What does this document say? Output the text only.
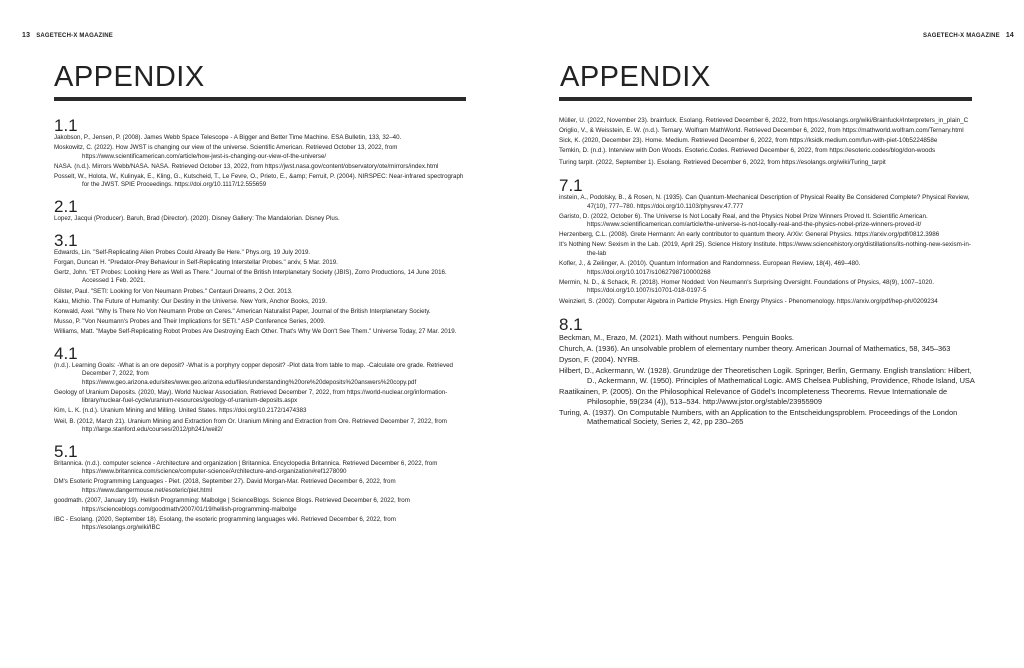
13 SAGETECH-X MAGAZINE
APPENDIX
1.1

Jakobson, P., Jensen, P. (2008). James Webb Space Telescope - A Bigger and Better Time Machine. ESA Bulletin, 133, 32–40.

Moskowitz, C. (2022). How JWST is changing our view of the universe. Scientific American. Retrieved October 13, 2022, from https://www.scientificamerican.com/article/how-jwst-is-changing-our-view-of-the-universe/

NASA. (n.d.). Mirrors Webb/NASA. NASA. Retrieved October 13, 2022, from https://jwst.nasa.gov/content/observatory/ote/mirrors/index.html

Posselt, W., Holota, W., Kulinyak, E., Kling, G., Kutscheid, T., Le Fevre, O., Prieto, E., &amp; Ferruit, P. (2004). NIRSPEC: Near-infrared spectrograph for the JWST. SPIE Proceedings. https://doi.org/10.1117/12.555659

2.1

Lopez, Jacqui (Producer). Baruh, Brad (Director). (2020). Disney Gallery: The Mandalorian. Disney Plus.

3.1

Edwards, Lin. "Self-Replicating Alien Probes Could Already Be Here." Phys.org, 19 July 2019.

Forgan, Duncan H. "Predator-Prey Behaviour in Self-Replicating Interstellar Probes." arxiv, 5 Mar. 2019.

Gertz, John. "ET Probes: Looking Here as Well as There." Journal of the British Interplanetary Society (JBIS), Zorro Productions, 14 June 2016. Accessed 1 Feb. 2021.

Gilster, Paul. "SETI: Looking for Von Neumann Probes." Centauri Dreams, 2 Oct. 2013.

Kaku, Michio. The Future of Humanity: Our Destiny in the Universe. New York, Anchor Books, 2019.

Konwald, Axel. "Why Is There No Von Neumann Probe on Ceres." American Naturalist Paper, Journal of the British Interplanetary Society.

Musso, P. "Von Neumann's Probes and Their Implications for SETI." ASP Conference Series, 2009.

Williams, Matt. "Maybe Self-Replicating Robot Probes Are Destroying Each Other. That's Why We Don't See Them." Universe Today, 27 Mar. 2019.

4.1

(n.d.). Learning Goals: -What is an ore deposit? -What is a porphyry copper deposit? -Plot data from table to map. -Calculate ore grade. Retrieved December 7, 2022, from https://www.geo.arizona.edu/sites/www.geo.arizona.edu/files/understanding%20ore%20deposits%20answers%20copy.pdf

Geology of Uranium Deposits. (2020, May). World Nuclear Association. Retrieved December 7, 2022, from https://world-nuclear.org/information-library/nuclear-fuel-cycle/uranium-resources/geology-of-uranium-deposits.aspx

Kim, L. K. (n.d.). Uranium Mining and Milling. United States. https://doi.org/10.2172/1474383

Weil, B. (2012, March 21). Uranium Mining and Extraction from Or. Uranium Mining and Extraction from Ore. Retrieved December 7, 2022, from http://large.stanford.edu/courses/2012/ph241/weil2/

5.1

Britannica. (n.d.). computer science - Architecture and organization | Britannica. Encyclopedia Britannica. Retrieved December 6, 2022, from https://www.britannica.com/science/computer-science/Architecture-and-organization#ref1278090

DM's Esoteric Programming Languages - Piet. (2018, September 27). David Morgan-Mar. Retrieved December 6, 2022, from https://www.dangermouse.net/esoteric/piet.html

goodmath. (2007, January 19). Hellish Programming: Malbolge | ScienceBlogs. Science Blogs. Retrieved December 6, 2022, from https://scienceblogs.com/goodmath/2007/01/19/hellish-programming-malbolge

IBC - Esolang. (2020, September 18). Esolang, the esoteric programming languages wiki. Retrieved December 6, 2022, from https://esolangs.org/wiki/IBC

SAGETECH-X MAGAZINE 14
APPENDIX

Müller, U. (2022, November 23). brainfuck. Esolang. Retrieved December 6, 2022, from https://esolangs.org/wiki/Brainfuck#Interpreters_in_plain_C

Origlio, V., & Weisstein, E. W. (n.d.). Ternary. Wolfram MathWorld. Retrieved December 6, 2022, from https://mathworld.wolfram.com/Ternary.html

Sick, K. (2020, December 23). Home. Medium. Retrieved December 6, 2022, from https://ksidk.medium.com/fun-with-piet-10b5224858e

Temkin, D. (n.d.). Interview with Don Woods. Esoteric.Codes. Retrieved December 6, 2022, from https://esoteric.codes/blog/don-woods

Turing tarpit. (2022, September 1). Esolang. Retrieved December 6, 2022, from https://esolangs.org/wiki/Turing_tarpit

7.1

instein, A., Podolsky, B., & Rosen, N. (1935). Can Quantum-Mechanical Description of Physical Reality Be Considered Complete? Physical Review, 47(10), 777–780. https://doi.org/10.1103/physrev.47.777

Garisto, D. (2022, October 6). The Universe Is Not Locally Real, and the Physics Nobel Prize Winners Proved It. Scientific American. https://www.scientificamerican.com/article/the-universe-is-not-locally-real-and-the-physics-nobel-prize-winners-proved-it/

Herzenberg, C.L. (2008). Grete Hermann: An early contributor to quantum theory. ArXiv: General Physics. https://arxiv.org/pdf/0812.3986

It's Nothing New: Sexism in the Lab. (2019, April 25). Science History Institute. https://www.sciencehistory.org/distillations/its-nothing-new-sexism-in-the-lab

Kofler, J., & Zeilinger, A. (2010). Quantum Information and Randomness. European Review, 18(4), 469–480. https://doi.org/10.1017/s1062798710000268

Mermin, N. D., & Schack, R. (2018). Homer Nodded: Von Neumann's Surprising Oversight. Foundations of Physics, 48(9), 1007–1020. https://doi.org/10.1007/s10701-018-0197-5

Weinzierl, S. (2002). Computer Algebra in Particle Physics. High Energy Physics - Phenomenology. https://arxiv.org/pdf/hep-ph/0209234

8.1

Beckman, M., Erazo, M. (2021). Math without numbers. Penguin Books.

Church, A. (1936). An unsolvable problem of elementary number theory. American Journal of Mathematics, 58, 345–363

Dyson, F. (2004). NYRB.

Hilbert, D., Ackermann, W. (1928). Grundzüge der Theoretischen Logik. Springer, Berlin, Germany. English translation: Hilbert, D., Ackermann, W. (1950). Principles of Mathematical Logic. AMS Chelsea Publishing, Providence, Rhode Island, USA

Raatikainen, P. (2005). On the Philosophical Relevance of Gödel's Incompleteness Theorems. Revue Internationale de Philosophie, 59(234 (4)), 513–534. http://www.jstor.org/stable/23955909

Turing, A. (1937). On Computable Numbers, with an Application to the Entscheidungsproblem. Proceedings of the London Mathematical Society, Series 2, 42, pp 230–265
